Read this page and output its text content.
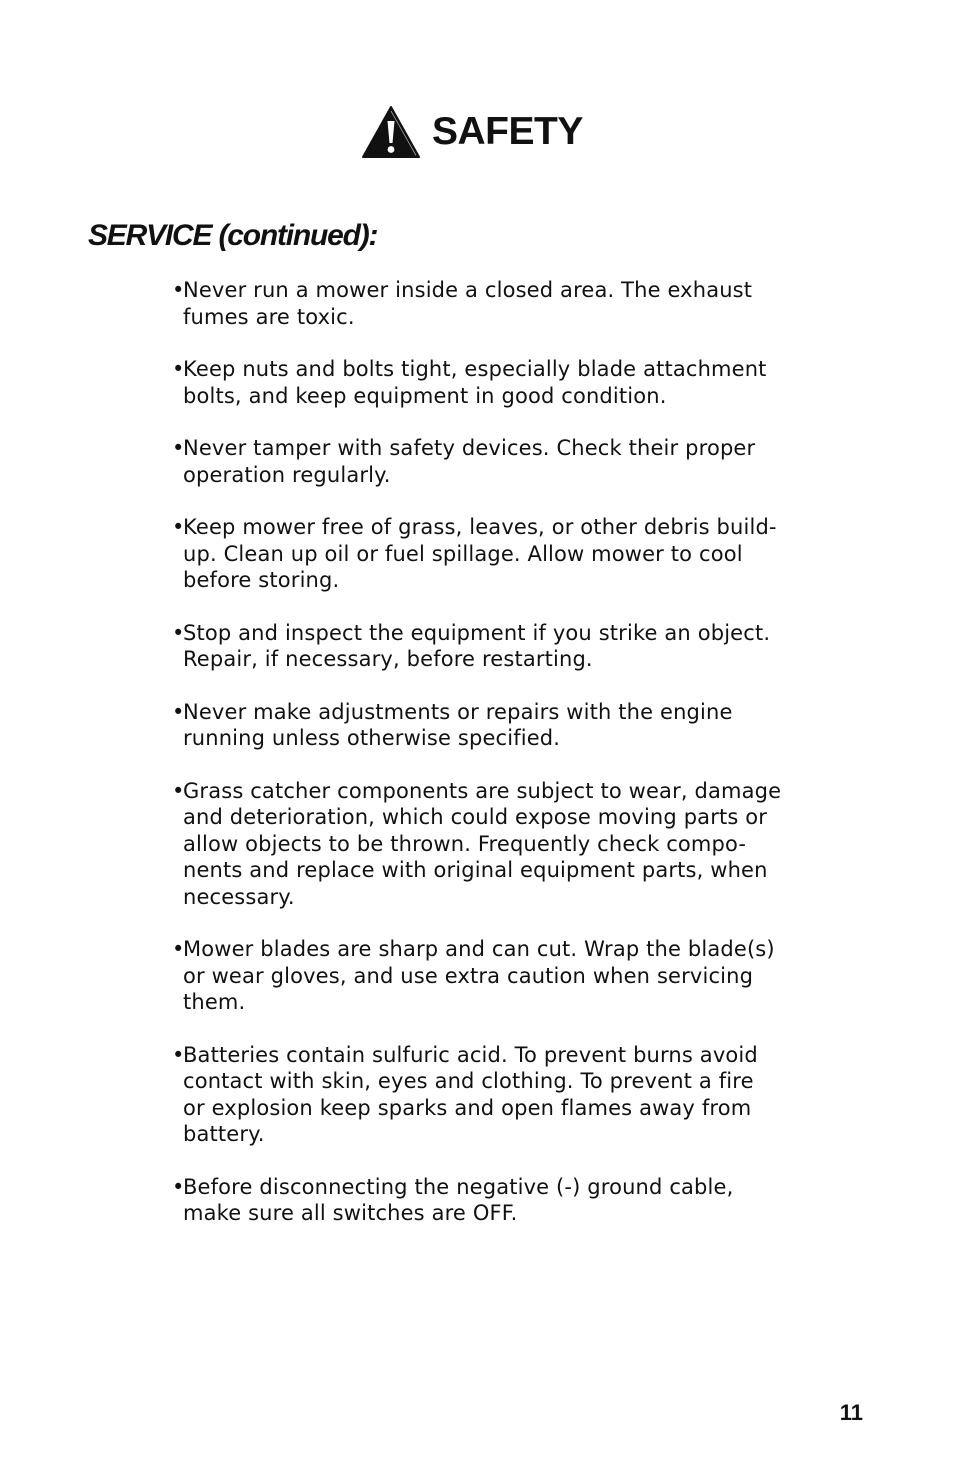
SAFETY
SERVICE (continued):
•
Never run a mower inside a closed area. The exhaust
fumes are toxic.
•
Keep nuts and bolts tight, especially blade attachment
bolts, and keep equipment in good condition.
•
Never tamper with safety devices. Check their proper
operation regularly.
•
Keep mower free of grass, leaves, or other debris build-
up. Clean up oil or fuel spillage. Allow mower to cool
before storing.
•
Stop and inspect the equipment if you strike an object.
Repair, if necessary, before restarting.
•
Never make adjustments or repairs with the engine
running unless otherwise specified.
•
Grass catcher components are subject to wear, damage
and deterioration, which could expose moving parts or
allow objects to be thrown. Frequently check compo-
nents and replace with original equipment parts, when
necessary.
•
Mower blades are sharp and can cut. Wrap the blade(s)
or wear gloves, and use extra caution when servicing
them.
•
Batteries contain sulfuric acid. To prevent burns avoid
contact with skin, eyes and clothing. To prevent a fire
or explosion keep sparks and open flames away from
battery.
•
Before disconnecting the negative (-) ground cable,
make sure all switches are OFF.
11
